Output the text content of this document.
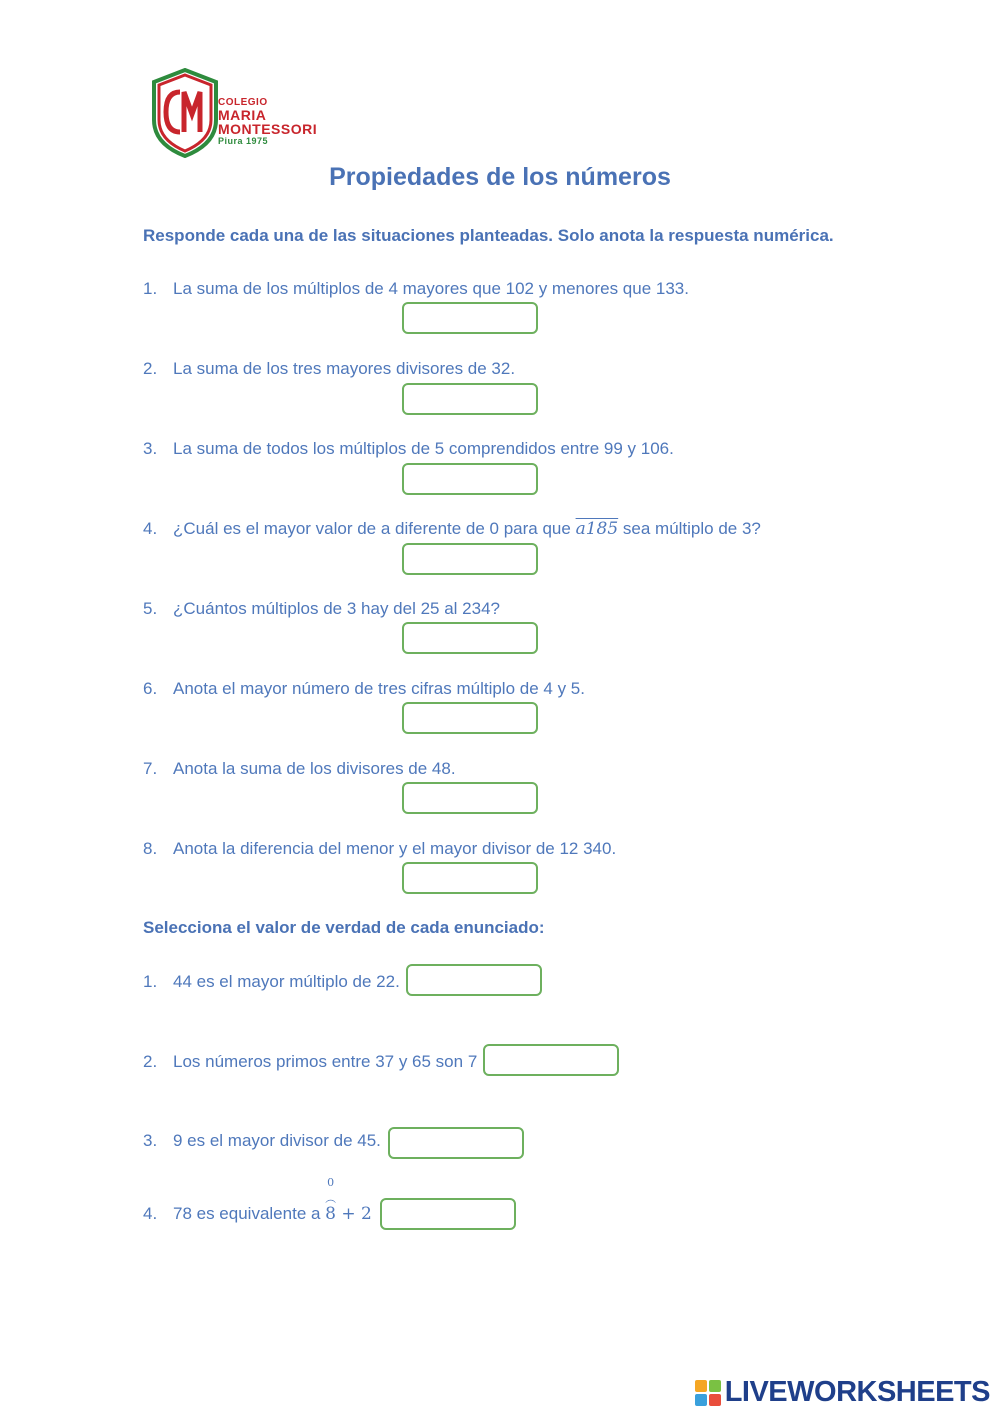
COLEGIO
MARIA
MONTESSORI
Piura 1975
Propiedades de los números
Responde cada una de las situaciones planteadas. Solo anota la respuesta numérica.
1. La suma de los múltiplos de 4 mayores que 102 y menores que 133.
2. La suma de los tres mayores divisores de 32.
3. La suma de todos los múltiplos de 5 comprendidos entre 99 y 106.
4. ¿Cuál es el mayor valor de a diferente de 0 para que a185 sea múltiplo de 3?
5. ¿Cuántos múltiplos de 3 hay del 25 al 234?
6. Anota el mayor número de tres cifras múltiplo de 4 y 5.
7. Anota la suma de los divisores de 48.
8. Anota la diferencia del menor y el mayor divisor de 12 340.
Selecciona el valor de verdad de cada enunciado:
1. 44 es el mayor múltiplo de 22.
2. Los números primos entre 37 y 65 son 7
3. 9 es el mayor divisor de 45.
4. 78 es equivalente a
0
︵
8 + 2
LIVEWORKSHEETS
